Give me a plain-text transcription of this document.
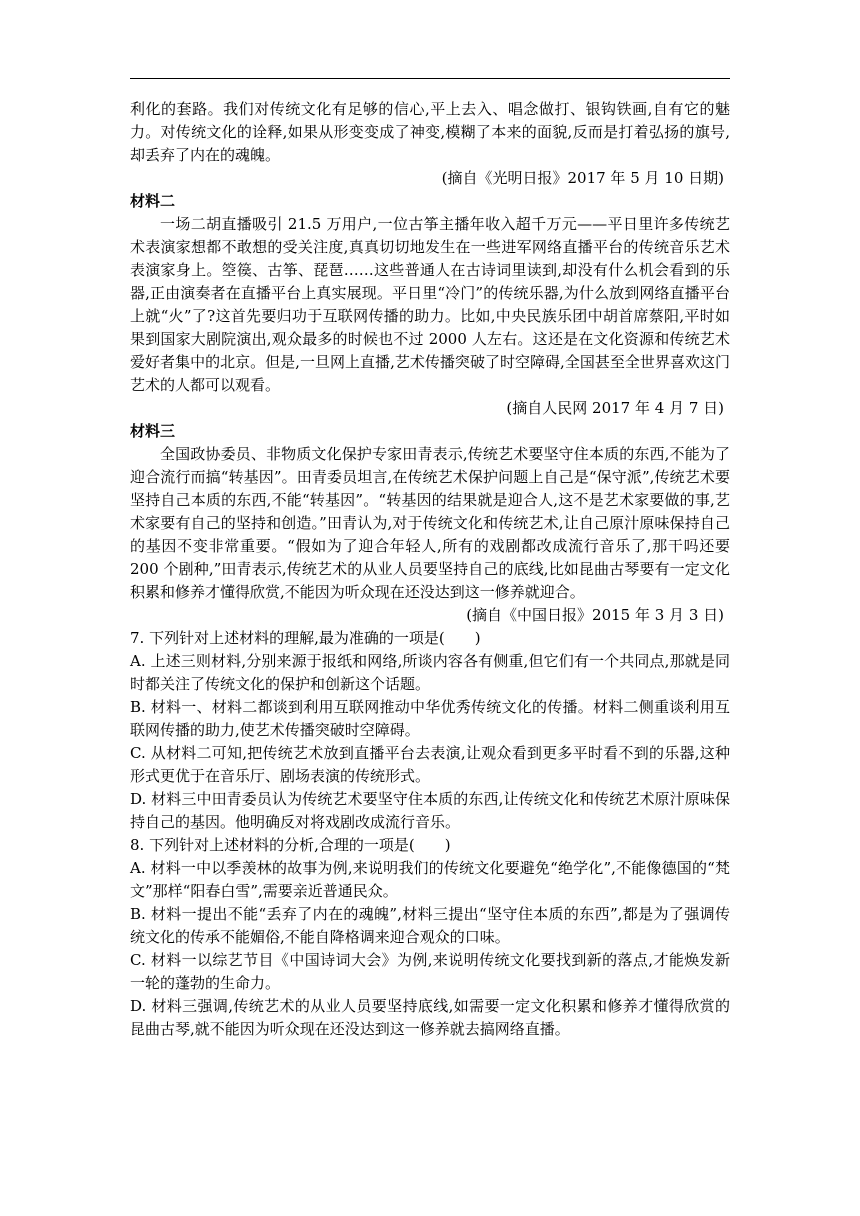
利化的套路。我们对传统文化有足够的信心,平上去入、唱念做打、银钩铁画,自有它的魅力。对传统文化的诠释,如果从形变变成了神变,模糊了本来的面貌,反而是打着弘扬的旗号,却丢弃了内在的魂魄。

(摘自《光明日报》2017 年 5 月 10 日期)

材料二

一场二胡直播吸引 21.5 万用户,一位古筝主播年收入超千万元——平日里许多传统艺术表演家想都不敢想的受关注度,真真切切地发生在一些进军网络直播平台的传统音乐艺术表演家身上。箜篌、古筝、琵琶……这些普通人在古诗词里读到,却没有什么机会看到的乐器,正由演奏者在直播平台上真实展现。平日里“冷门”的传统乐器,为什么放到网络直播平台上就“火”了?这首先要归功于互联网传播的助力。比如,中央民族乐团中胡首席蔡阳,平时如果到国家大剧院演出,观众最多的时候也不过 2000 人左右。这还是在文化资源和传统艺术爱好者集中的北京。但是,一旦网上直播,艺术传播突破了时空障碍,全国甚至全世界喜欢这门艺术的人都可以观看。

(摘自人民网 2017 年 4 月 7 日)

材料三

全国政协委员、非物质文化保护专家田青表示,传统艺术要坚守住本质的东西,不能为了迎合流行而搞“转基因”。田青委员坦言,在传统艺术保护问题上自己是“保守派”,传统艺术要坚持自己本质的东西,不能“转基因”。“转基因的结果就是迎合人,这不是艺术家要做的事,艺术家要有自己的坚持和创造。”田青认为,对于传统文化和传统艺术,让自己原汁原味保持自己的基因不变非常重要。“假如为了迎合年轻人,所有的戏剧都改成流行音乐了,那干吗还要 200 个剧种,”田青表示,传统艺术的从业人员要坚持自己的底线,比如昆曲古琴要有一定文化积累和修养才懂得欣赏,不能因为听众现在还没达到这一修养就迎合。

(摘自《中国日报》2015 年 3 月 3 日)

7. 下列针对上述材料的理解,最为准确的一项是(　　)

A. 上述三则材料,分别来源于报纸和网络,所谈内容各有侧重,但它们有一个共同点,那就是同时都关注了传统文化的保护和创新这个话题。

B. 材料一、材料二都谈到利用互联网推动中华优秀传统文化的传播。材料二侧重谈利用互联网传播的助力,使艺术传播突破时空障碍。

C. 从材料二可知,把传统艺术放到直播平台去表演,让观众看到更多平时看不到的乐器,这种形式更优于在音乐厅、剧场表演的传统形式。

D. 材料三中田青委员认为传统艺术要坚守住本质的东西,让传统文化和传统艺术原汁原味保持自己的基因。他明确反对将戏剧改成流行音乐。

8. 下列针对上述材料的分析,合理的一项是(　　)

A. 材料一中以季羡林的故事为例,来说明我们的传统文化要避免“绝学化”,不能像德国的“梵文”那样“阳春白雪”,需要亲近普通民众。

B. 材料一提出不能“丢弃了内在的魂魄”,材料三提出“坚守住本质的东西”,都是为了强调传统文化的传承不能媚俗,不能自降格调来迎合观众的口味。

C. 材料一以综艺节目《中国诗词大会》为例,来说明传统文化要找到新的落点,才能焕发新一轮的蓬勃的生命力。

D. 材料三强调,传统艺术的从业人员要坚持底线,如需要一定文化积累和修养才懂得欣赏的昆曲古琴,就不能因为听众现在还没达到这一修养就去搞网络直播。
